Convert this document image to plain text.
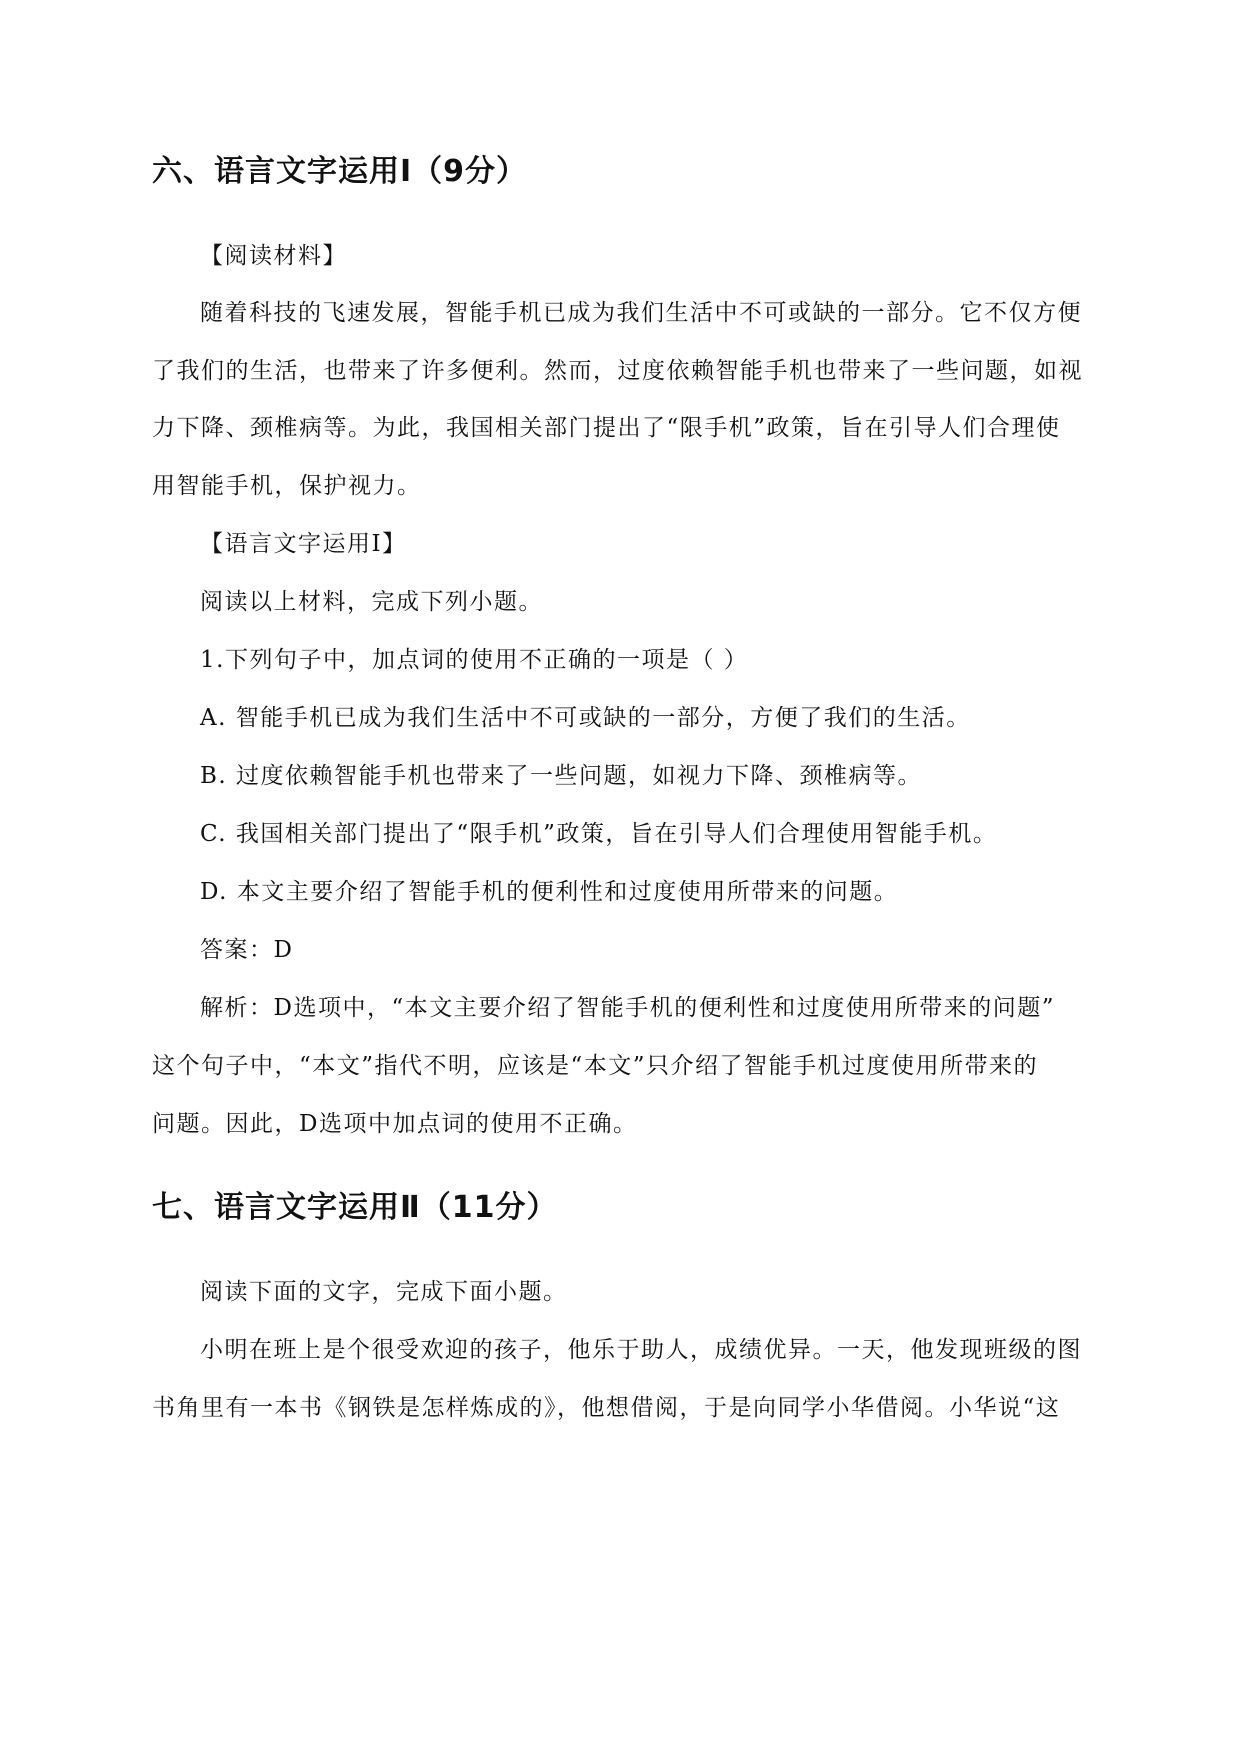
六、语言文字运用Ⅰ（9分）
【阅读材料】
随着科技的飞速发展，智能手机已成为我们生活中不可或缺的一部分。它不仅方便
了我们的生活，也带来了许多便利。然而，过度依赖智能手机也带来了一些问题，如视
力下降、颈椎病等。为此，我国相关部门提出了“限手机”政策，旨在引导人们合理使
用智能手机，保护视力。
【语言文字运用Ⅰ】
阅读以上材料，完成下列小题。
1.下列句子中，加点词的使用不正确的一项是（ ）
A. 智能手机已成为我们生活中不可或缺的一部分，方便了我们的生活。
B. 过度依赖智能手机也带来了一些问题，如视力下降、颈椎病等。
C. 我国相关部门提出了“限手机”政策，旨在引导人们合理使用智能手机。
D. 本文主要介绍了智能手机的便利性和过度使用所带来的问题。
答案：D
解析：D选项中，“本文主要介绍了智能手机的便利性和过度使用所带来的问题”
这个句子中，“本文”指代不明，应该是“本文”只介绍了智能手机过度使用所带来的
问题。因此，D选项中加点词的使用不正确。
七、语言文字运用Ⅱ（11分）
阅读下面的文字，完成下面小题。
小明在班上是个很受欢迎的孩子，他乐于助人，成绩优异。一天，他发现班级的图
书角里有一本书《钢铁是怎样炼成的》，他想借阅，于是向同学小华借阅。小华说“这
